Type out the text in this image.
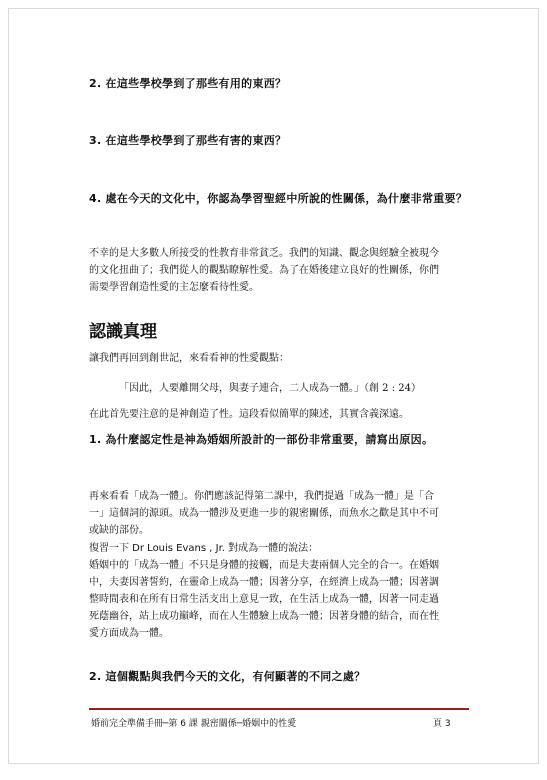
2. 在這些學校學到了那些有用的東西？
3. 在這些學校學到了那些有害的東西？
4. 處在今天的文化中，你認為學習聖經中所說的性關係，為什麼非常重要？
不幸的是大多數人所接受的性教育非常貧乏。我們的知識、觀念與經驗全被現今
的文化扭曲了；我們從人的觀點瞭解性愛。為了在婚後建立良好的性關係，你們
需要學習創造性愛的主怎麼看待性愛。
認識真理
讓我們再回到創世記，來看看神的性愛觀點：
「因此，人要離開父母，與妻子連合，二人成為一體。」（創 2 : 24）
在此首先要注意的是神創造了性。這段看似簡單的陳述，其實含義深遠。
1. 為什麼認定性是神為婚姻所設計的一部份非常重要，請寫出原因。
再來看看「成為一體」。你們應該記得第二課中，我們提過「成為一體」是「合
一」這個詞的源頭。成為一體涉及更進一步的親密關係，而魚水之歡是其中不可
或缺的部份。
復習一下 Dr Louis Evans , Jr. 對成為一體的說法：
婚姻中的「成為一體」不只是身體的接觸，而是夫妻兩個人完全的合一。在婚姻
中，夫妻因著誓約，在靈命上成為一體；因著分享，在經濟上成為一體；因著調
整時間表和在所有日常生活支出上意見一致，在生活上成為一體，因著一同走過
死蔭幽谷，站上成功巔峰，而在人生體驗上成為一體；因著身體的結合，而在性
愛方面成為一體。
2. 這個觀點與我們今天的文化，有何顯著的不同之處？
婚前完全準備手冊─第 6 課 親密關係─婚姻中的性愛	頁 3
